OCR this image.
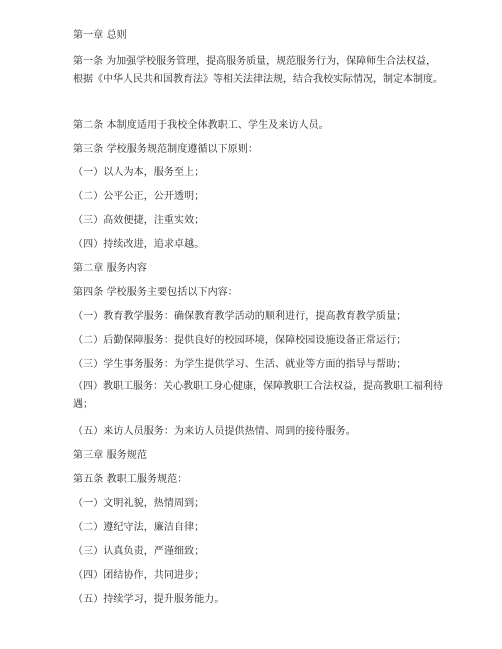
第一章 总则
第一条 为加强学校服务管理，提高服务质量，规范服务行为，保障师生合法权益，根据《中华人民共和国教育法》等相关法律法规，结合我校实际情况，制定本制度。
第二条 本制度适用于我校全体教职工、学生及来访人员。
第三条 学校服务规范制度遵循以下原则：
（一）以人为本，服务至上；
（二）公平公正，公开透明；
（三）高效便捷，注重实效；
（四）持续改进，追求卓越。
第二章 服务内容
第四条 学校服务主要包括以下内容：
（一）教育教学服务：确保教育教学活动的顺利进行，提高教育教学质量；
（二）后勤保障服务：提供良好的校园环境，保障校园设施设备正常运行；
（三）学生事务服务：为学生提供学习、生活、就业等方面的指导与帮助；
（四）教职工服务：关心教职工身心健康，保障教职工合法权益，提高教职工福利待遇；
（五）来访人员服务：为来访人员提供热情、周到的接待服务。
第三章 服务规范
第五条 教职工服务规范：
（一）文明礼貌，热情周到；
（二）遵纪守法，廉洁自律；
（三）认真负责，严谨细致；
（四）团结协作，共同进步；
（五）持续学习，提升服务能力。
